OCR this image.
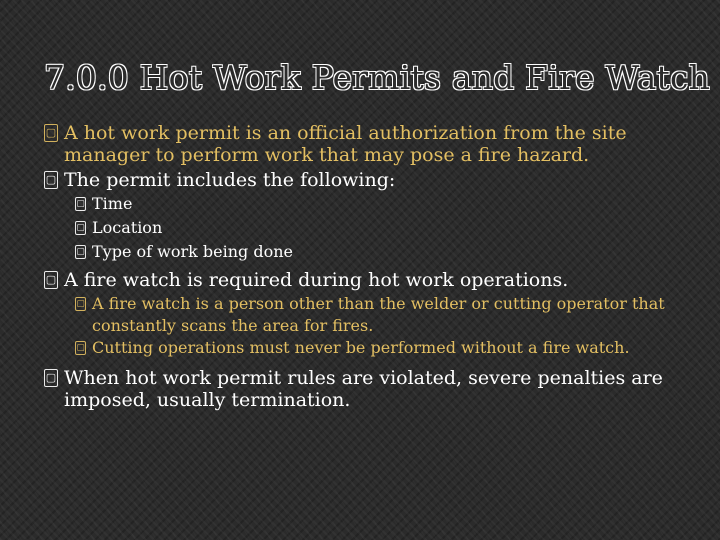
7.0.0 Hot Work Permits and Fire Watch
▢ A hot work permit is an official authorization from the site manager to perform work that may pose a fire hazard.
▢ The permit includes the following:
▢ Time
▢ Location
▢ Type of work being done
▢ A fire watch is required during hot work operations.
▢ A fire watch is a person other than the welder or cutting operator that constantly scans the area for fires.
▢ Cutting operations must never be performed without a fire watch.
▢ When hot work permit rules are violated, severe penalties are imposed, usually termination.
